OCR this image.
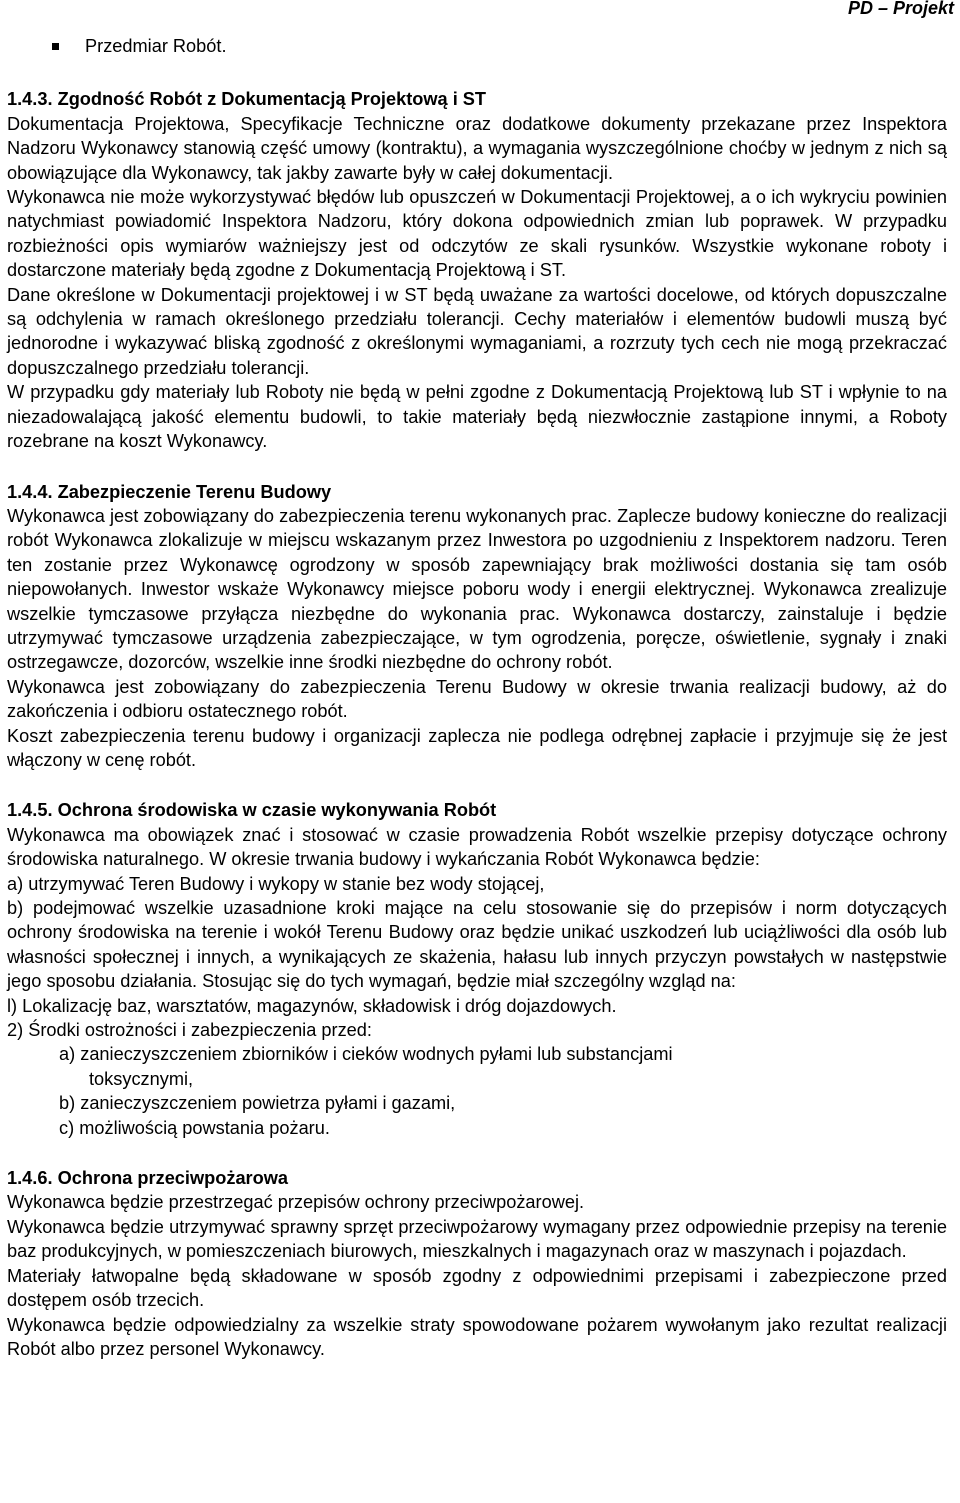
PD – Projekt
Przedmiar Robót.
1.4.3. Zgodność Robót z Dokumentacją Projektową i ST

Dokumentacja Projektowa, Specyfikacje Techniczne oraz dodatkowe dokumenty przekazane przez Inspektora Nadzoru Wykonawcy stanowią część umowy (kontraktu), a wymagania wyszczególnione choćby w jednym z nich są obowiązujące dla Wykonawcy, tak jakby zawarte były w całej dokumentacji.

Wykonawca nie może wykorzystywać błędów lub opuszczeń w Dokumentacji Projektowej, a o ich wykryciu powinien natychmiast powiadomić Inspektora Nadzoru, który dokona odpowiednich zmian lub poprawek. W przypadku rozbieżności opis wymiarów ważniejszy jest od odczytów ze skali rysunków. Wszystkie wykonane roboty i dostarczone materiały będą zgodne z Dokumentacją Projektową i ST.

Dane określone w Dokumentacji projektowej i w ST będą uważane za wartości docelowe, od których dopuszczalne są odchylenia w ramach określonego przedziału tolerancji. Cechy materiałów i elementów budowli muszą być jednorodne i wykazywać bliską zgodność z określonymi wymaganiami, a rozrzuty tych cech nie mogą przekraczać dopuszczalnego przedziału tolerancji.

W przypadku gdy materiały lub Roboty nie będą w pełni zgodne z Dokumentacją Projektową lub ST i wpłynie to na niezadowalającą jakość elementu budowli, to takie materiały będą niezwłocznie zastąpione innymi, a Roboty rozebrane na koszt Wykonawcy.

1.4.4. Zabezpieczenie Terenu Budowy

Wykonawca jest zobowiązany do zabezpieczenia terenu wykonanych prac. Zaplecze budowy konieczne do realizacji robót Wykonawca zlokalizuje w miejscu wskazanym przez Inwestora po uzgodnieniu z Inspektorem nadzoru. Teren ten zostanie przez Wykonawcę ogrodzony w sposób zapewniający brak możliwości dostania się tam osób niepowołanych. Inwestor wskaże Wykonawcy miejsce poboru wody i energii elektrycznej. Wykonawca zrealizuje wszelkie tymczasowe przyłącza niezbędne do wykonania prac. Wykonawca dostarczy, zainstaluje i będzie utrzymywać tymczasowe urządzenia zabezpieczające, w tym ogrodzenia, poręcze, oświetlenie, sygnały i znaki ostrzegawcze, dozorców, wszelkie inne środki niezbędne do ochrony robót.

Wykonawca jest zobowiązany do zabezpieczenia Terenu Budowy w okresie trwania realizacji budowy, aż do zakończenia i odbioru ostatecznego robót.

Koszt zabezpieczenia terenu budowy i organizacji zaplecza nie podlega odrębnej zapłacie i przyjmuje się że jest włączony w cenę robót.

1.4.5. Ochrona środowiska w czasie wykonywania Robót

Wykonawca ma obowiązek znać i stosować w czasie prowadzenia Robót wszelkie przepisy dotyczące ochrony środowiska naturalnego. W okresie trwania budowy i wykańczania Robót Wykonawca będzie:

a) utrzymywać Teren Budowy i wykopy w stanie bez wody stojącej,

b) podejmować wszelkie uzasadnione kroki mające na celu stosowanie się do przepisów i norm dotyczących ochrony środowiska na terenie i wokół Terenu Budowy oraz będzie unikać uszkodzeń lub uciążliwości dla osób lub własności społecznej i innych, a wynikających ze skażenia, hałasu lub innych przyczyn powstałych w następstwie jego sposobu działania. Stosując się do tych wymagań, będzie miał szczególny wzgląd na:

l) Lokalizację baz, warsztatów, magazynów, składowisk i dróg dojazdowych.

2) Środki ostrożności i zabezpieczenia przed:

a) zanieczyszczeniem zbiorników i cieków wodnych pyłami lub substancjami

toksycznymi,

b) zanieczyszczeniem powietrza pyłami i gazami,

c) możliwością powstania pożaru.

1.4.6. Ochrona przeciwpożarowa

Wykonawca będzie przestrzegać przepisów ochrony przeciwpożarowej.

Wykonawca będzie utrzymywać sprawny sprzęt przeciwpożarowy wymagany przez odpowiednie przepisy na terenie baz produkcyjnych, w pomieszczeniach biurowych, mieszkalnych i magazynach oraz w maszynach i pojazdach.

Materiały łatwopalne będą składowane w sposób zgodny z odpowiednimi przepisami i zabezpieczone przed dostępem osób trzecich.

Wykonawca będzie odpowiedzialny za wszelkie straty spowodowane pożarem wywołanym jako rezultat realizacji Robót albo przez personel Wykonawcy.
